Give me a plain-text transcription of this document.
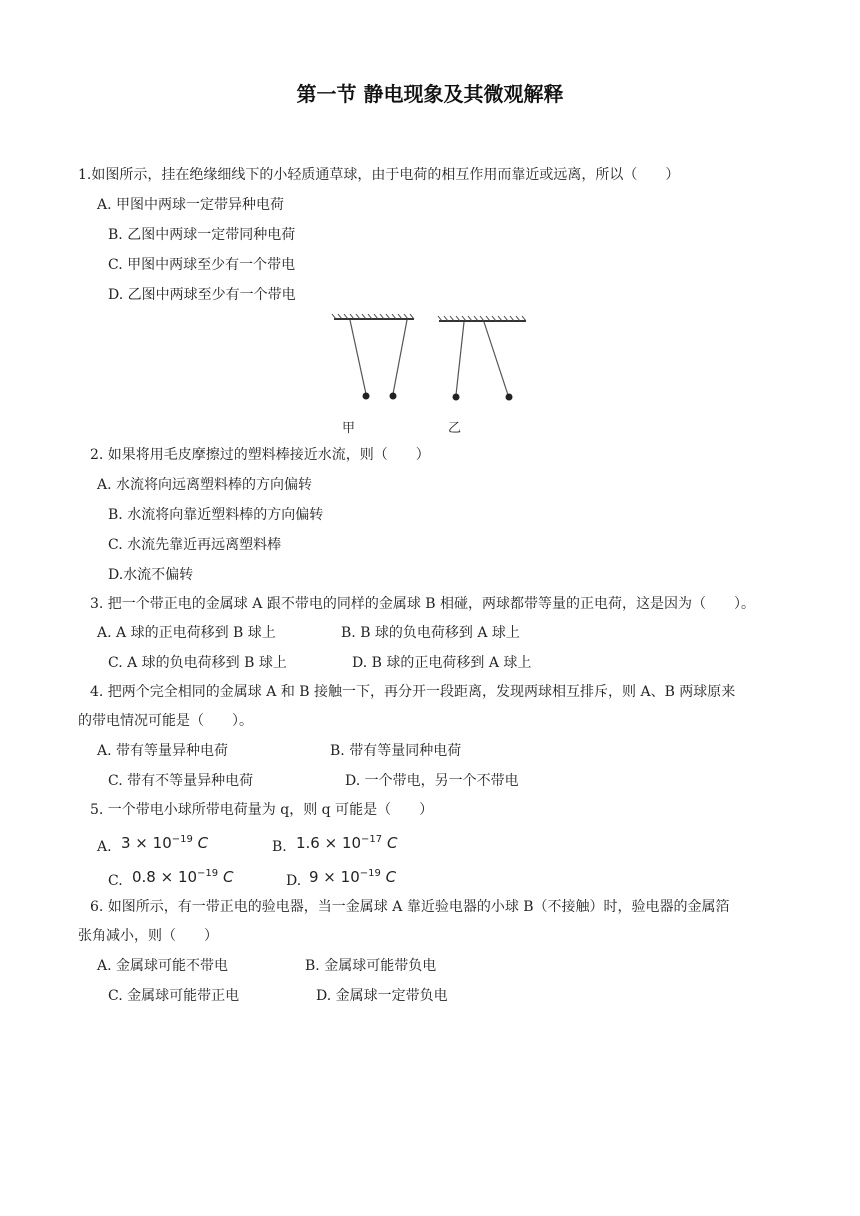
第一节 静电现象及其微观解释
1.如图所示，挂在绝缘细线下的小轻质通草球，由于电荷的相互作用而靠近或远离，所以（　　）
A. 甲图中两球一定带异种电荷
B. 乙图中两球一定带同种电荷
C. 甲图中两球至少有一个带电
D. 乙图中两球至少有一个带电
甲	乙
2. 如果将用毛皮摩擦过的塑料棒接近水流，则（　　）
A. 水流将向远离塑料棒的方向偏转
B. 水流将向靠近塑料棒的方向偏转
C. 水流先靠近再远离塑料棒
D.水流不偏转
3. 把一个带正电的金属球 A 跟不带电的同样的金属球 B 相碰，两球都带等量的正电荷，这是因为（　　）。
A. A 球的正电荷移到 B 球上	B. B 球的负电荷移到 A 球上
C. A 球的负电荷移到 B 球上	D. B 球的正电荷移到 A 球上
4. 把两个完全相同的金属球 A 和 B 接触一下，再分开一段距离，发现两球相互排斥，则 A、B 两球原来
的带电情况可能是（　　）。
A. 带有等量异种电荷	B. 带有等量同种电荷
C. 带有不等量异种电荷	D. 一个带电，另一个不带电
5. 一个带电小球所带电荷量为 q，则 q 可能是（　　）
A. $3 \times 10^{-19}$ C	B. $1.6 \times 10^{-17}$ C
C. $0.8 \times 10^{-19}$ C	D. $9 \times 10^{-19}$ C
6. 如图所示，有一带正电的验电器，当一金属球 A 靠近验电器的小球 B（不接触）时，验电器的金属箔
张角减小，则（　　）
A. 金属球可能不带电	B. 金属球可能带负电
C. 金属球可能带正电	D. 金属球一定带负电
